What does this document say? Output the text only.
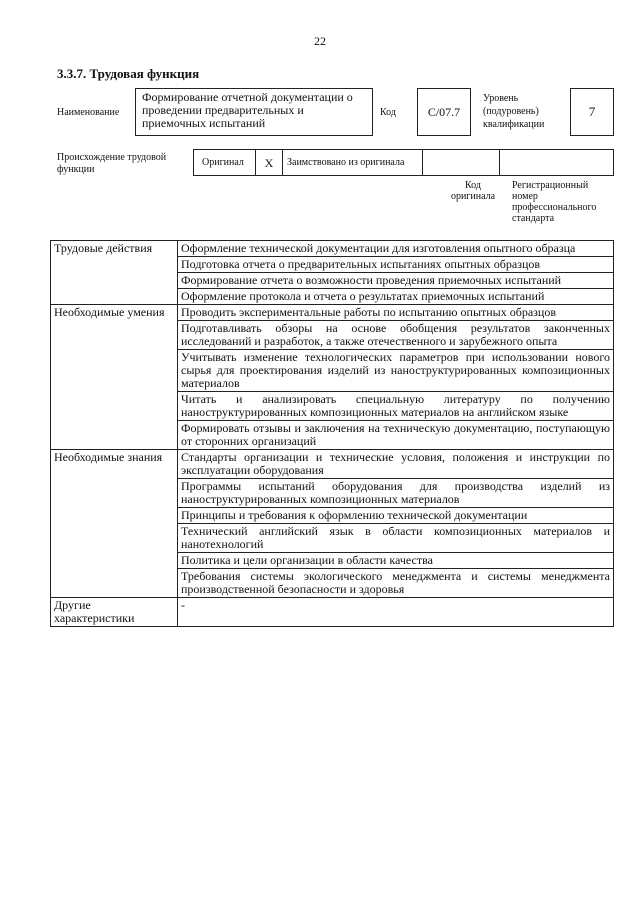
22
3.3.7. Трудовая функция
Наименование
Формирование отчетной документации о проведении предварительных и приемочных испытаний
Код	С/07.7
Уровень (подуровень) квалификации
7
Происхождение трудовой функции
Оригинал	X	Заимствовано из оригинала
Код оригинала
Регистрационный номер профессионального стандарта
Трудовые действия	Оформление технической документации для изготовления опытного образца
	Подготовка отчета о предварительных испытаниях опытных образцов
	Формирование отчета о возможности проведения приемочных испытаний
	Оформление протокола и отчета о результатах приемочных испытаний
Необходимые умения	Проводить экспериментальные работы по испытанию опытных образцов
	Подготавливать обзоры на основе обобщения результатов законченных исследований и разработок, а также отечественного и зарубежного опыта
	Учитывать изменение технологических параметров при использовании нового сырья для проектирования изделий из наноструктурированных композиционных материалов
	Читать и анализировать специальную литературу по получению наноструктурированных композиционных материалов на английском языке
	Формировать отзывы и заключения на техническую документацию, поступающую от сторонних организаций
Необходимые знания	Стандарты организации и технические условия, положения и инструкции по эксплуатации оборудования
	Программы испытаний оборудования для производства изделий из наноструктурированных композиционных материалов
	Принципы и требования к оформлению технической документации
	Технический английский язык в области композиционных материалов и нанотехнологий
	Политика и цели организации в области качества
	Требования системы экологического менеджмента и системы менеджмента производственной безопасности и здоровья
Другие характеристики	-
